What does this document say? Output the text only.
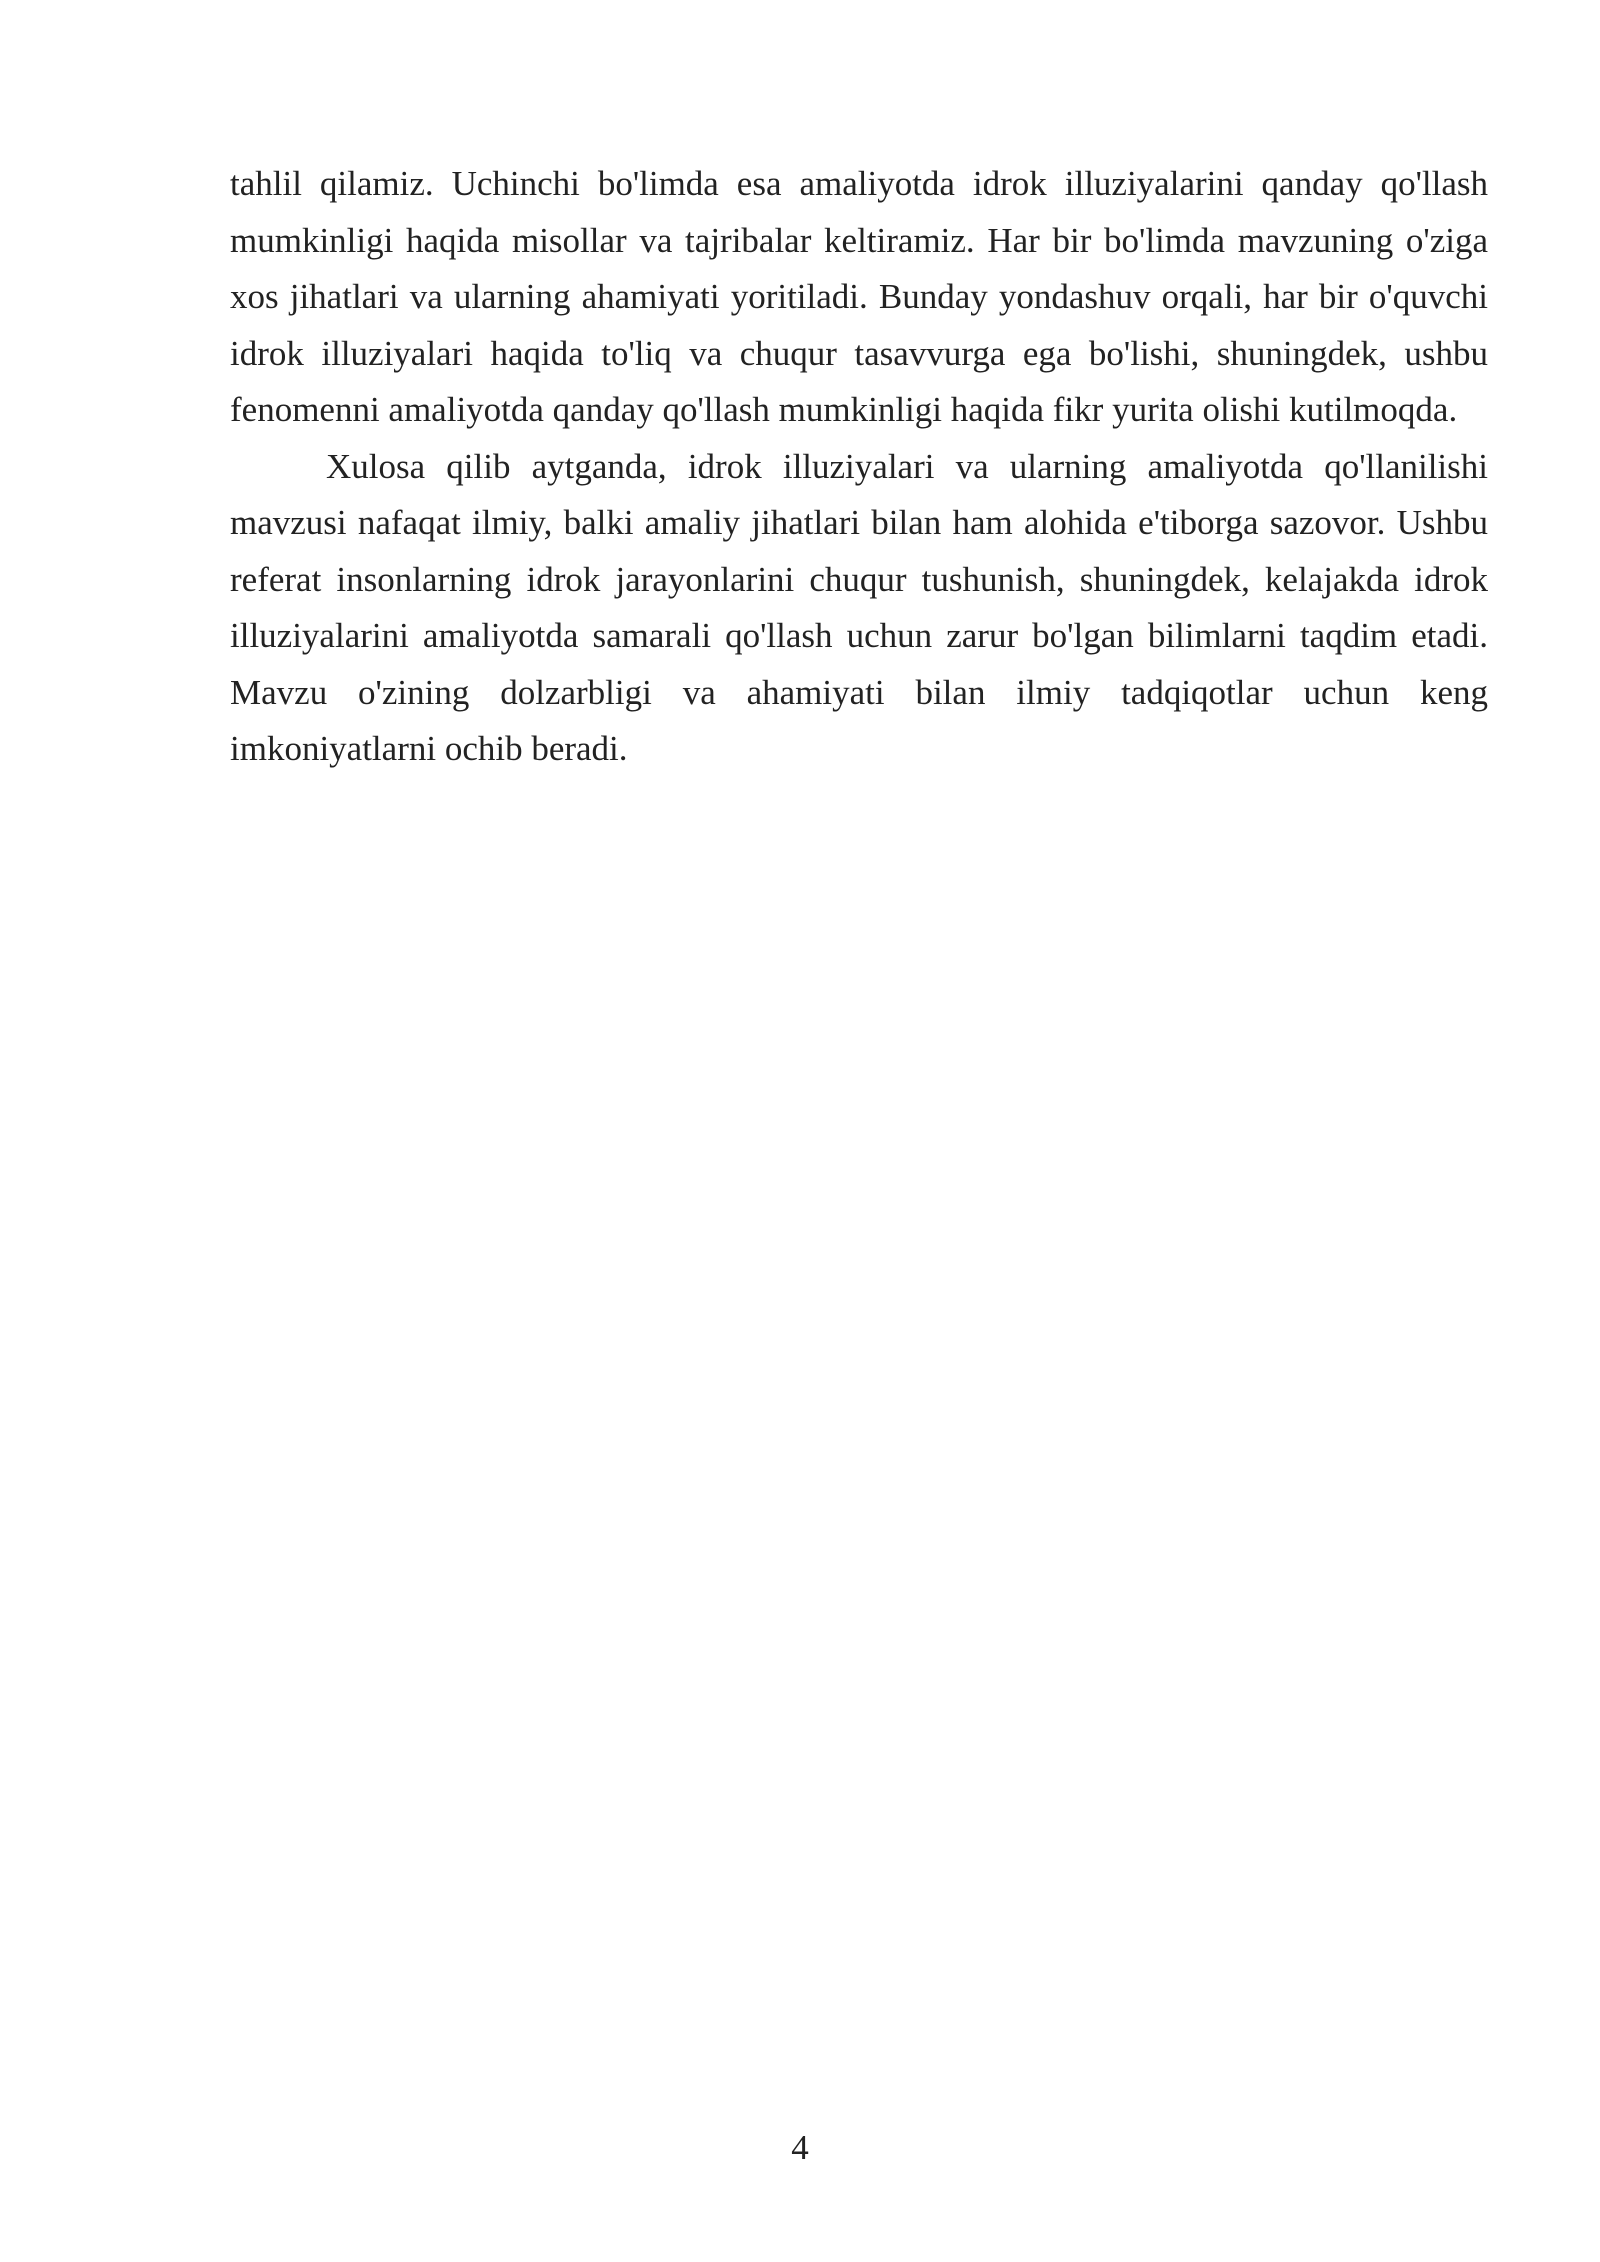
tahlil qilamiz. Uchinchi bo'limda esa amaliyotda idrok illuziyalarini qanday qo'llash mumkinligi haqida misollar va tajribalar keltiramiz. Har bir bo'limda mavzuning o'ziga xos jihatlari va ularning ahamiyati yoritiladi. Bunday yondashuv orqali, har bir o'quvchi idrok illuziyalari haqida to'liq va chuqur tasavvurga ega bo'lishi, shuningdek, ushbu fenomenni amaliyotda qanday qo'llash mumkinligi haqida fikr yurita olishi kutilmoqda.

Xulosa qilib aytganda, idrok illuziyalari va ularning amaliyotda qo'llanilishi mavzusi nafaqat ilmiy, balki amaliy jihatlari bilan ham alohida e'tiborga sazovor. Ushbu referat insonlarning idrok jarayonlarini chuqur tushunish, shuningdek, kelajakda idrok illuziyalarini amaliyotda samarali qo'llash uchun zarur bo'lgan bilimlarni taqdim etadi. Mavzu o'zining dolzarbligi va ahamiyati bilan ilmiy tadqiqotlar uchun keng imkoniyatlarni ochib beradi.

4
